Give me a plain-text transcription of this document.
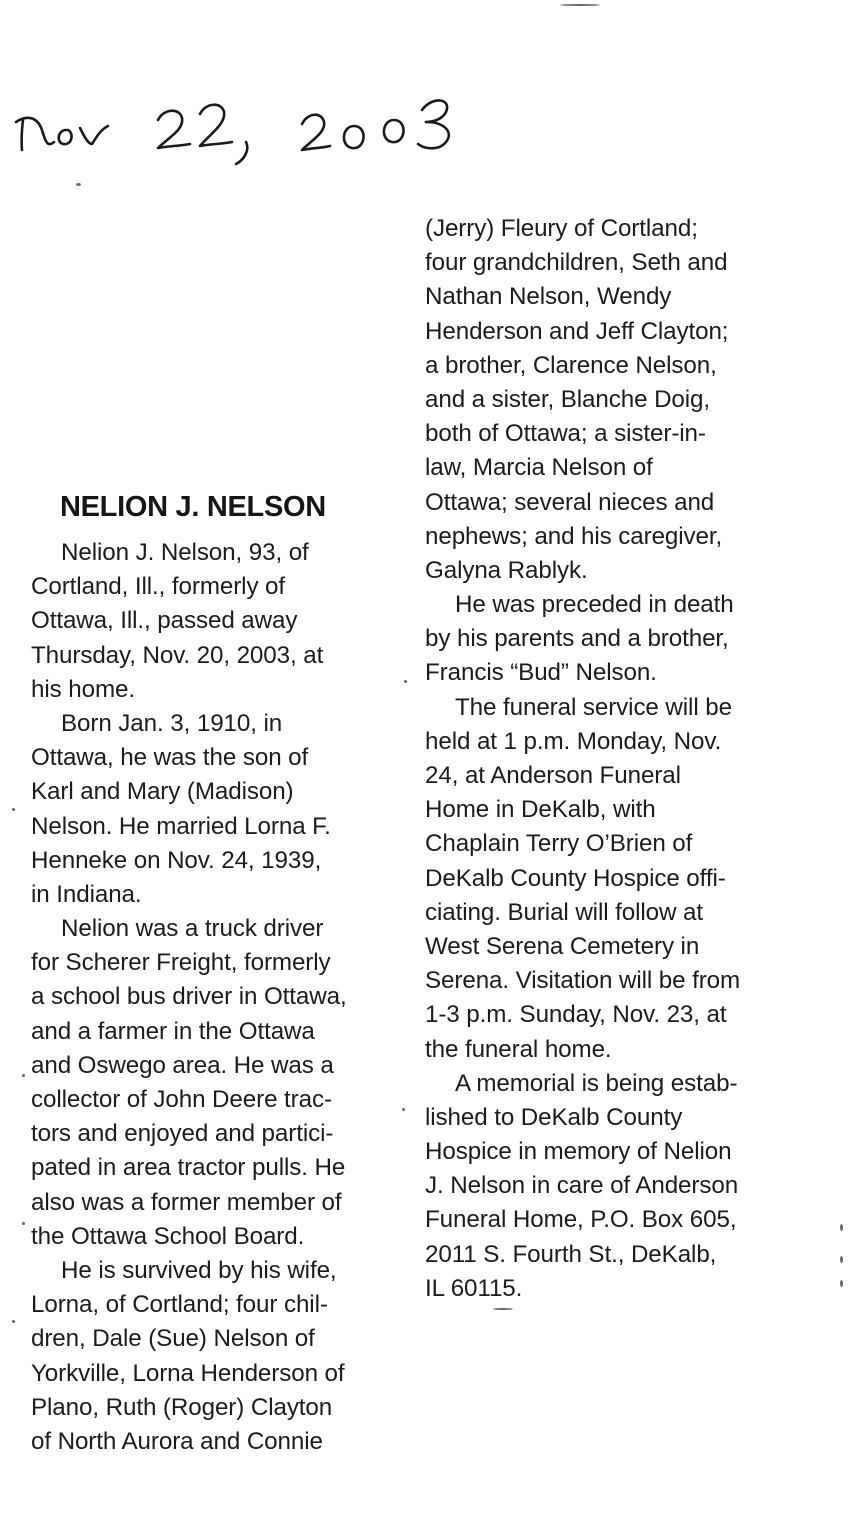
NELION J. NELSON
Nelion J. Nelson, 93, of
Cortland, Ill., formerly of
Ottawa, Ill., passed away
Thursday, Nov. 20, 2003, at
his home.
Born Jan. 3, 1910, in
Ottawa, he was the son of
Karl and Mary (Madison)
Nelson. He married Lorna F.
Henneke on Nov. 24, 1939,
in Indiana.
Nelion was a truck driver
for Scherer Freight, formerly
a school bus driver in Ottawa,
and a farmer in the Ottawa
and Oswego area. He was a
collector of John Deere trac-
tors and enjoyed and partici-
pated in area tractor pulls. He
also was a former member of
the Ottawa School Board.
He is survived by his wife,
Lorna, of Cortland; four chil-
dren, Dale (Sue) Nelson of
Yorkville, Lorna Henderson of
Plano, Ruth (Roger) Clayton
of North Aurora and Connie
(Jerry) Fleury of Cortland;
four grandchildren, Seth and
Nathan Nelson, Wendy
Henderson and Jeff Clayton;
a brother, Clarence Nelson,
and a sister, Blanche Doig,
both of Ottawa; a sister-in-
law, Marcia Nelson of
Ottawa; several nieces and
nephews; and his caregiver,
Galyna Rablyk.
He was preceded in death
by his parents and a brother,
Francis “Bud” Nelson.
The funeral service will be
held at 1 p.m. Monday, Nov.
24, at Anderson Funeral
Home in DeKalb, with
Chaplain Terry O’Brien of
DeKalb County Hospice offi-
ciating. Burial will follow at
West Serena Cemetery in
Serena. Visitation will be from
1-3 p.m. Sunday, Nov. 23, at
the funeral home.
A memorial is being estab-
lished to DeKalb County
Hospice in memory of Nelion
J. Nelson in care of Anderson
Funeral Home, P.O. Box 605,
2011 S. Fourth St., DeKalb,
IL 60115.
